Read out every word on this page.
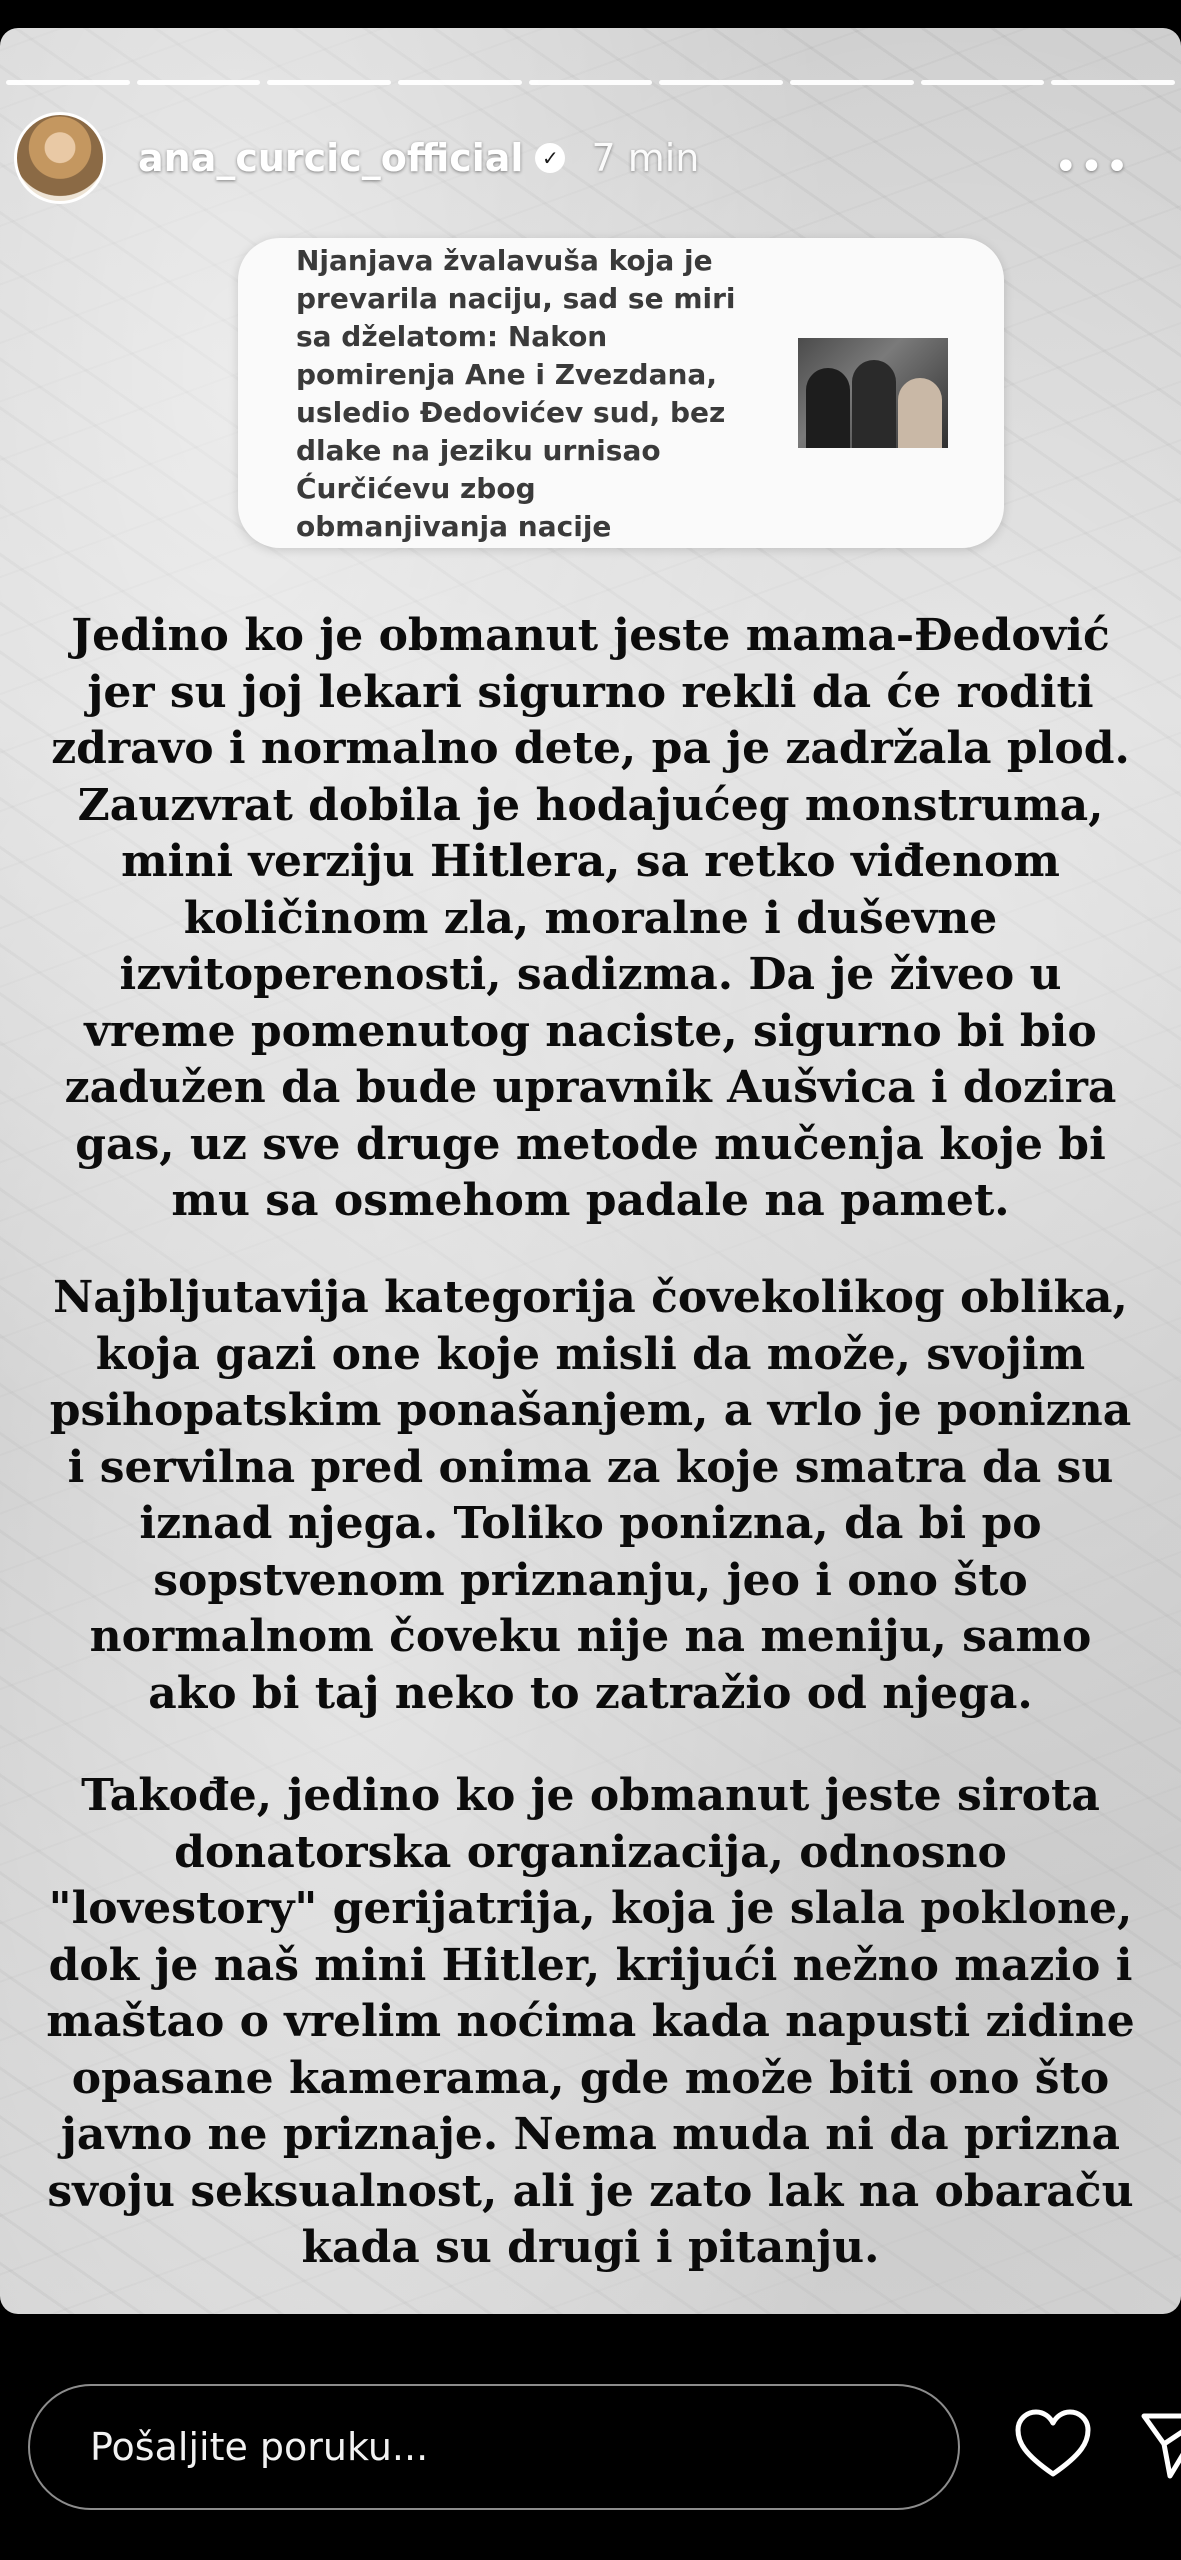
ana_curcic_official ✓ 7 min	•••
Njanjava žvalavuša koja je prevarila naciju, sad se miri sa dželatom: Nakon pomirenja Ane i Zvezdana, usledio Đedovićev sud, bez dlake na jeziku urnisao Ćurčićevu zbog obmanjivanja nacije

Jedino ko je obmanut jeste mama-Đedović jer su joj lekari sigurno rekli da će roditi zdravo i normalno dete, pa je zadržala plod. Zauzvrat dobila je hodajućeg monstruma, mini verziju Hitlera, sa retko viđenom količinom zla, moralne i duševne izvitoperenosti, sadizma. Da je živeo u vreme pomenutog naciste, sigurno bi bio zadužen da bude upravnik Aušvica i dozira gas, uz sve druge metode mučenja koje bi mu sa osmehom padale na pamet.

Najbljutavija kategorija čovekolikog oblika, koja gazi one koje misli da može, svojim psihopatskim ponašanjem, a vrlo je ponizna i servilna pred onima za koje smatra da su iznad njega. Toliko ponizna, da bi po sopstvenom priznanju, jeo i ono što normalnom čoveku nije na meniju, samo ako bi taj neko to zatražio od njega.

Takođe, jedino ko je obmanut jeste sirota donatorska organizacija, odnosno "lovestory" gerijatrija, koja je slala poklone, dok je naš mini Hitler, krijući nežno mazio i maštao o vrelim noćima kada napusti zidine opasane kamerama, gde može biti ono što javno ne priznaje. Nema muda ni da prizna svoju seksualnost, ali je zato lak na obaraču kada su drugi i pitanju.

Pošaljite poruku...
